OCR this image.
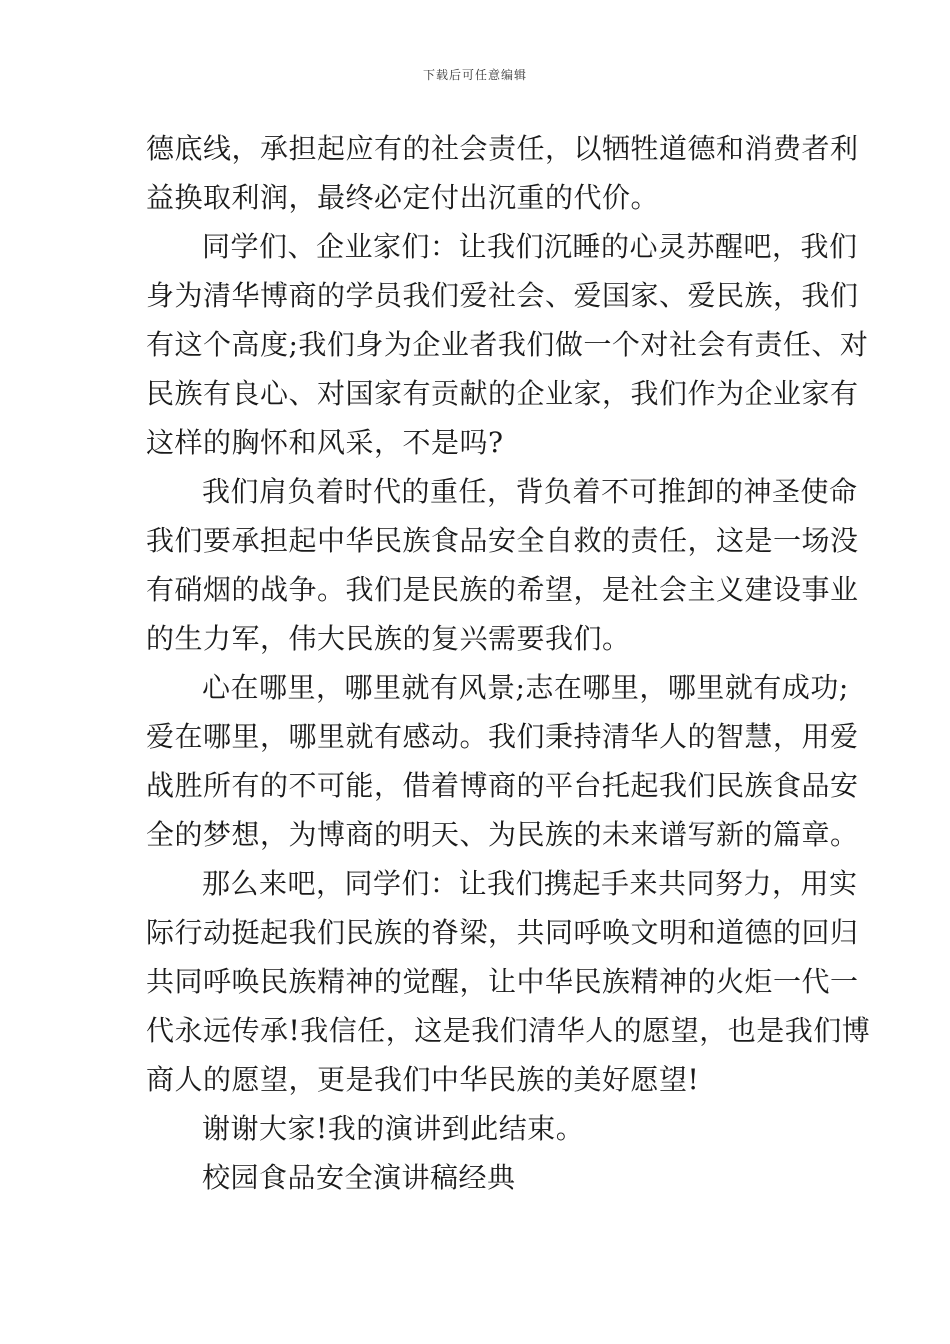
下载后可任意编辑

德底线，承担起应有的社会责任，以牺牲道德和消费者利
益换取利润，最终必定付出沉重的代价。

同学们、企业家们：让我们沉睡的心灵苏醒吧，我们
身为清华博商的学员我们爱社会、爱国家、爱民族，我们
有这个高度;我们身为企业者我们做一个对社会有责任、对
民族有良心、对国家有贡献的企业家，我们作为企业家有
这样的胸怀和风采，不是吗?

我们肩负着时代的重任，背负着不可推卸的神圣使命
我们要承担起中华民族食品安全自救的责任，这是一场没
有硝烟的战争。我们是民族的希望，是社会主义建设事业
的生力军，伟大民族的复兴需要我们。

心在哪里，哪里就有风景;志在哪里，哪里就有成功;
爱在哪里，哪里就有感动。我们秉持清华人的智慧，用爱
战胜所有的不可能，借着博商的平台托起我们民族食品安
全的梦想，为博商的明天、为民族的未来谱写新的篇章。

那么来吧，同学们：让我们携起手来共同努力，用实
际行动挺起我们民族的脊梁，共同呼唤文明和道德的回归
共同呼唤民族精神的觉醒，让中华民族精神的火炬一代一
代永远传承!我信任，这是我们清华人的愿望，也是我们博
商人的愿望，更是我们中华民族的美好愿望!

谢谢大家!我的演讲到此结束。

校园食品安全演讲稿经典
